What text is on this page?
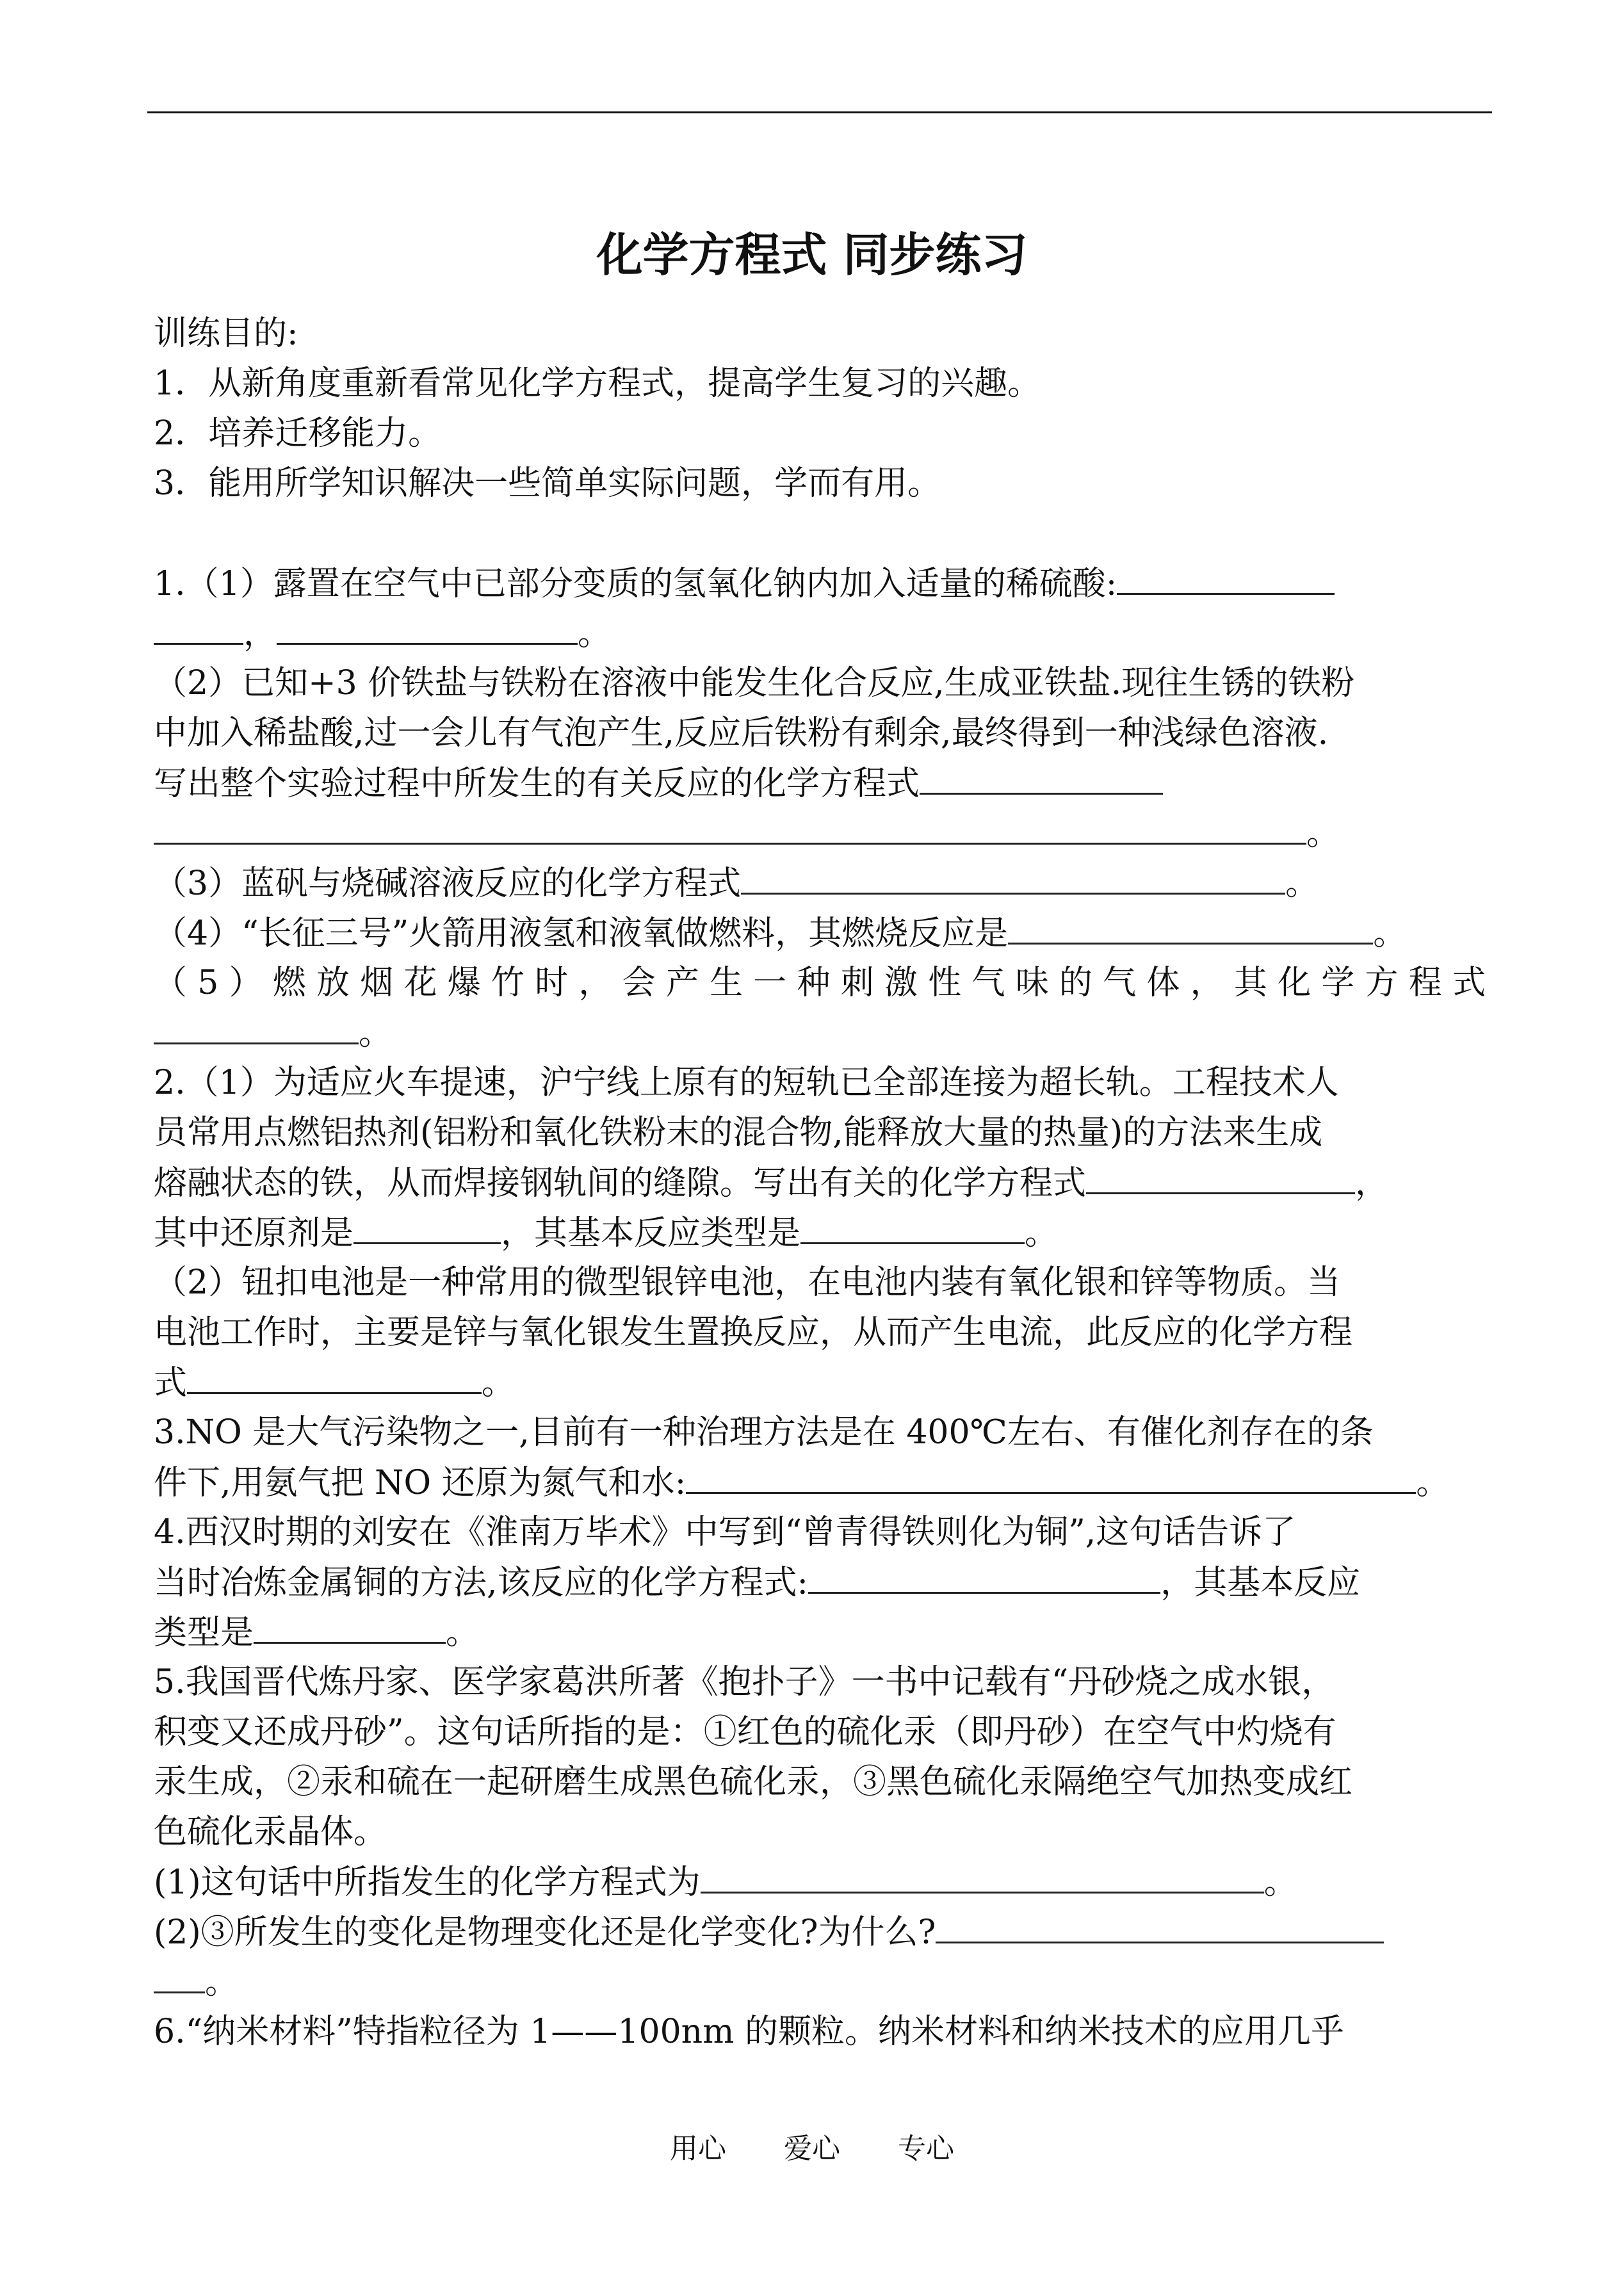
化学方程式 同步练习
训练目的:
1．从新角度重新看常见化学方程式，提高学生复习的兴趣。
2．培养迁移能力。
3．能用所学知识解决一些简单实际问题，学而有用。
1.（1）露置在空气中已部分变质的氢氧化钠内加入适量的稀硫酸:
，	。
（2）已知+3 价铁盐与铁粉在溶液中能发生化合反应,生成亚铁盐.现往生锈的铁粉
中加入稀盐酸,过一会儿有气泡产生,反应后铁粉有剩余,最终得到一种浅绿色溶液.
写出整个实验过程中所发生的有关反应的化学方程式
。
（3）蓝矾与烧碱溶液反应的化学方程式	。
（4）“长征三号”火箭用液氢和液氧做燃料，其燃烧反应是	。
（5）燃放烟花爆竹时，会产生一种刺激性气味的气体，其化学方程式
。
2.（1）为适应火车提速，沪宁线上原有的短轨已全部连接为超长轨。工程技术人
员常用点燃铝热剂(铝粉和氧化铁粉末的混合物,能释放大量的热量)的方法来生成
熔融状态的铁，从而焊接钢轨间的缝隙。写出有关的化学方程式	，
其中还原剂是	，其基本反应类型是	。
（2）钮扣电池是一种常用的微型银锌电池，在电池内装有氧化银和锌等物质。当
电池工作时，主要是锌与氧化银发生置换反应，从而产生电流，此反应的化学方程
式	。
3.NO 是大气污染物之一,目前有一种治理方法是在 400℃左右、有催化剂存在的条
件下,用氨气把 NO 还原为氮气和水:	。
4.西汉时期的刘安在《淮南万毕术》中写到“曾青得铁则化为铜”,这句话告诉了
当时冶炼金属铜的方法,该反应的化学方程式:	，其基本反应
类型是	。
5.我国晋代炼丹家、医学家葛洪所著《抱扑子》一书中记载有“丹砂烧之成水银，
积变又还成丹砂”。这句话所指的是：①红色的硫化汞（即丹砂）在空气中灼烧有
汞生成，②汞和硫在一起研磨生成黑色硫化汞，③黑色硫化汞隔绝空气加热变成红
色硫化汞晶体。
(1)这句话中所指发生的化学方程式为	。
(2)③所发生的变化是物理变化还是化学变化?为什么?
。
6.“纳米材料”特指粒径为 1——100nm 的颗粒。纳米材料和纳米技术的应用几乎
用心 爱心 专心
